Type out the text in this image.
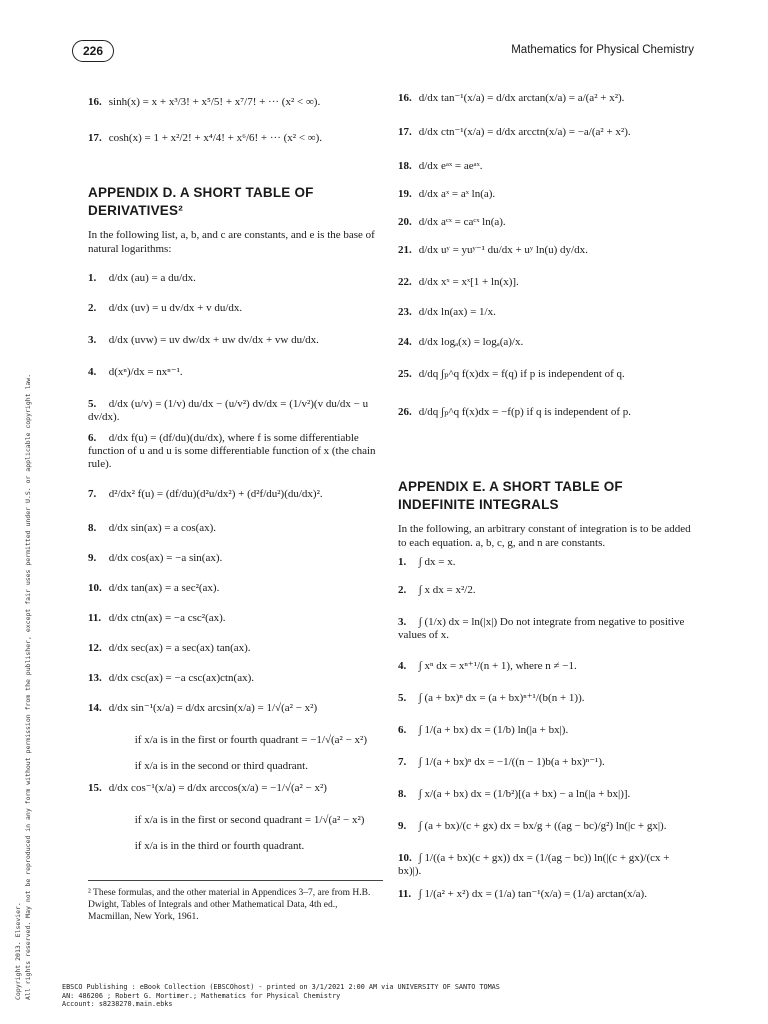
226	Mathematics for Physical Chemistry
16. sinh(x) = x + x³/3! + x⁵/5! + x⁷/7! + ··· (x² < ∞).
17. cosh(x) = 1 + x²/2! + x⁴/4! + x⁶/6! + ··· (x² < ∞).
APPENDIX D. A SHORT TABLE OF
DERIVATIVES²

In the following list, a, b, and c are constants, and e is the base of natural logarithms:

1. d/dx (au) = a du/dx.
2. d/dx (uv) = u dv/dx + v du/dx.
3. d/dx (uvw) = uv dw/dx + uw dv/dx + vw du/dx.
4. d(xⁿ)/dx = nxⁿ⁻¹.
5. d/dx (u/v) = (1/v) du/dx − (u/v²) dv/dx = (1/v²)(v du/dx − u dv/dx).
6. d/dx f(u) = (df/du)(du/dx), where f is some differentiable function of u and u is some differentiable function of x (the chain rule).
7. d²/dx² f(u) = (df/du)(d²u/dx²) + (d²f/du²)(du/dx)².
8. d/dx sin(ax) = a cos(ax).
9. d/dx cos(ax) = −a sin(ax).
10. d/dx tan(ax) = a sec²(ax).
11. d/dx ctn(ax) = −a csc²(ax).
12. d/dx sec(ax) = a sec(ax) tan(ax).
13. d/dx csc(ax) = −a csc(ax)ctn(ax).
14. d/dx sin⁻¹(x/a) = d/dx arcsin(x/a) = 1/√(a² − x²)
if x/a is in the first or fourth quadrant = −1/√(a² − x²)
if x/a is in the second or third quadrant.
15. d/dx cos⁻¹(x/a) = d/dx arccos(x/a) = −1/√(a² − x²)
if x/a is in the first or second quadrant = 1/√(a² − x²)
if x/a is in the third or fourth quadrant.

² These formulas, and the other material in Appendices 3–7, are from H.B. Dwight, Tables of Integrals and other Mathematical Data, 4th ed., Macmillan, New York, 1961.

16. d/dx tan⁻¹(x/a) = d/dx arctan(x/a) = a/(a² + x²).
17. d/dx ctn⁻¹(x/a) = d/dx arcctn(x/a) = −a/(a² + x²).
18. d/dx eᵃˣ = aeᵃˣ.
19. d/dx aˣ = aˣ ln(a).
20. d/dx aᶜˣ = caᶜˣ ln(a).
21. d/dx uʸ = yuʸ⁻¹ du/dx + uʸ ln(u) dy/dx.
22. d/dx xˣ = xˣ[1 + ln(x)].
23. d/dx ln(ax) = 1/x.
24. d/dx logₐ(x) = logₐ(a)/x.
25. d/dq ∫ₚ^q f(x)dx = f(q) if p is independent of q.
26. d/dq ∫ₚ^q f(x)dx = −f(p) if q is independent of p.
APPENDIX E. A SHORT TABLE OF
INDEFINITE INTEGRALS

In the following, an arbitrary constant of integration is to be added to each equation. a, b, c, g, and n are constants.

1. ∫ dx = x.
2. ∫ x dx = x²/2.
3. ∫ (1/x) dx = ln(|x|) Do not integrate from negative to positive values of x.
4. ∫ xⁿ dx = xⁿ⁺¹/(n + 1), where n ≠ −1.
5. ∫ (a + bx)ⁿ dx = (a + bx)ⁿ⁺¹/(b(n + 1)).
6. ∫ 1/(a + bx) dx = (1/b) ln(|a + bx|).
7. ∫ 1/(a + bx)ⁿ dx = −1/((n − 1)b(a + bx)ⁿ⁻¹).
8. ∫ x/(a + bx) dx = (1/b²)[(a + bx) − a ln(|a + bx|)].
9. ∫ (a + bx)/(c + gx) dx = bx/g + ((ag − bc)/g²) ln(|c + gx|).
10. ∫ 1/((a + bx)(c + gx)) dx = (1/(ag − bc)) ln(|(c + gx)/(cx + bx)|).
11. ∫ 1/(a² + x²) dx = (1/a) tan⁻¹(x/a) = (1/a) arctan(x/a).
Copyright 2013. Elsevier. All rights reserved. May not be reproduced in any form without permission from the publisher, except fair uses permitted under U.S. or applicable copyright law.	EBSCO Publishing : eBook Collection (EBSCOhost) - printed on 3/1/2021 2:00 AM via UNIVERSITY OF SANTO TOMAS
AN: 486206 ; Robert G. Mortimer.; Mathematics for Physical Chemistry
Account: s8238270.main.ebks
